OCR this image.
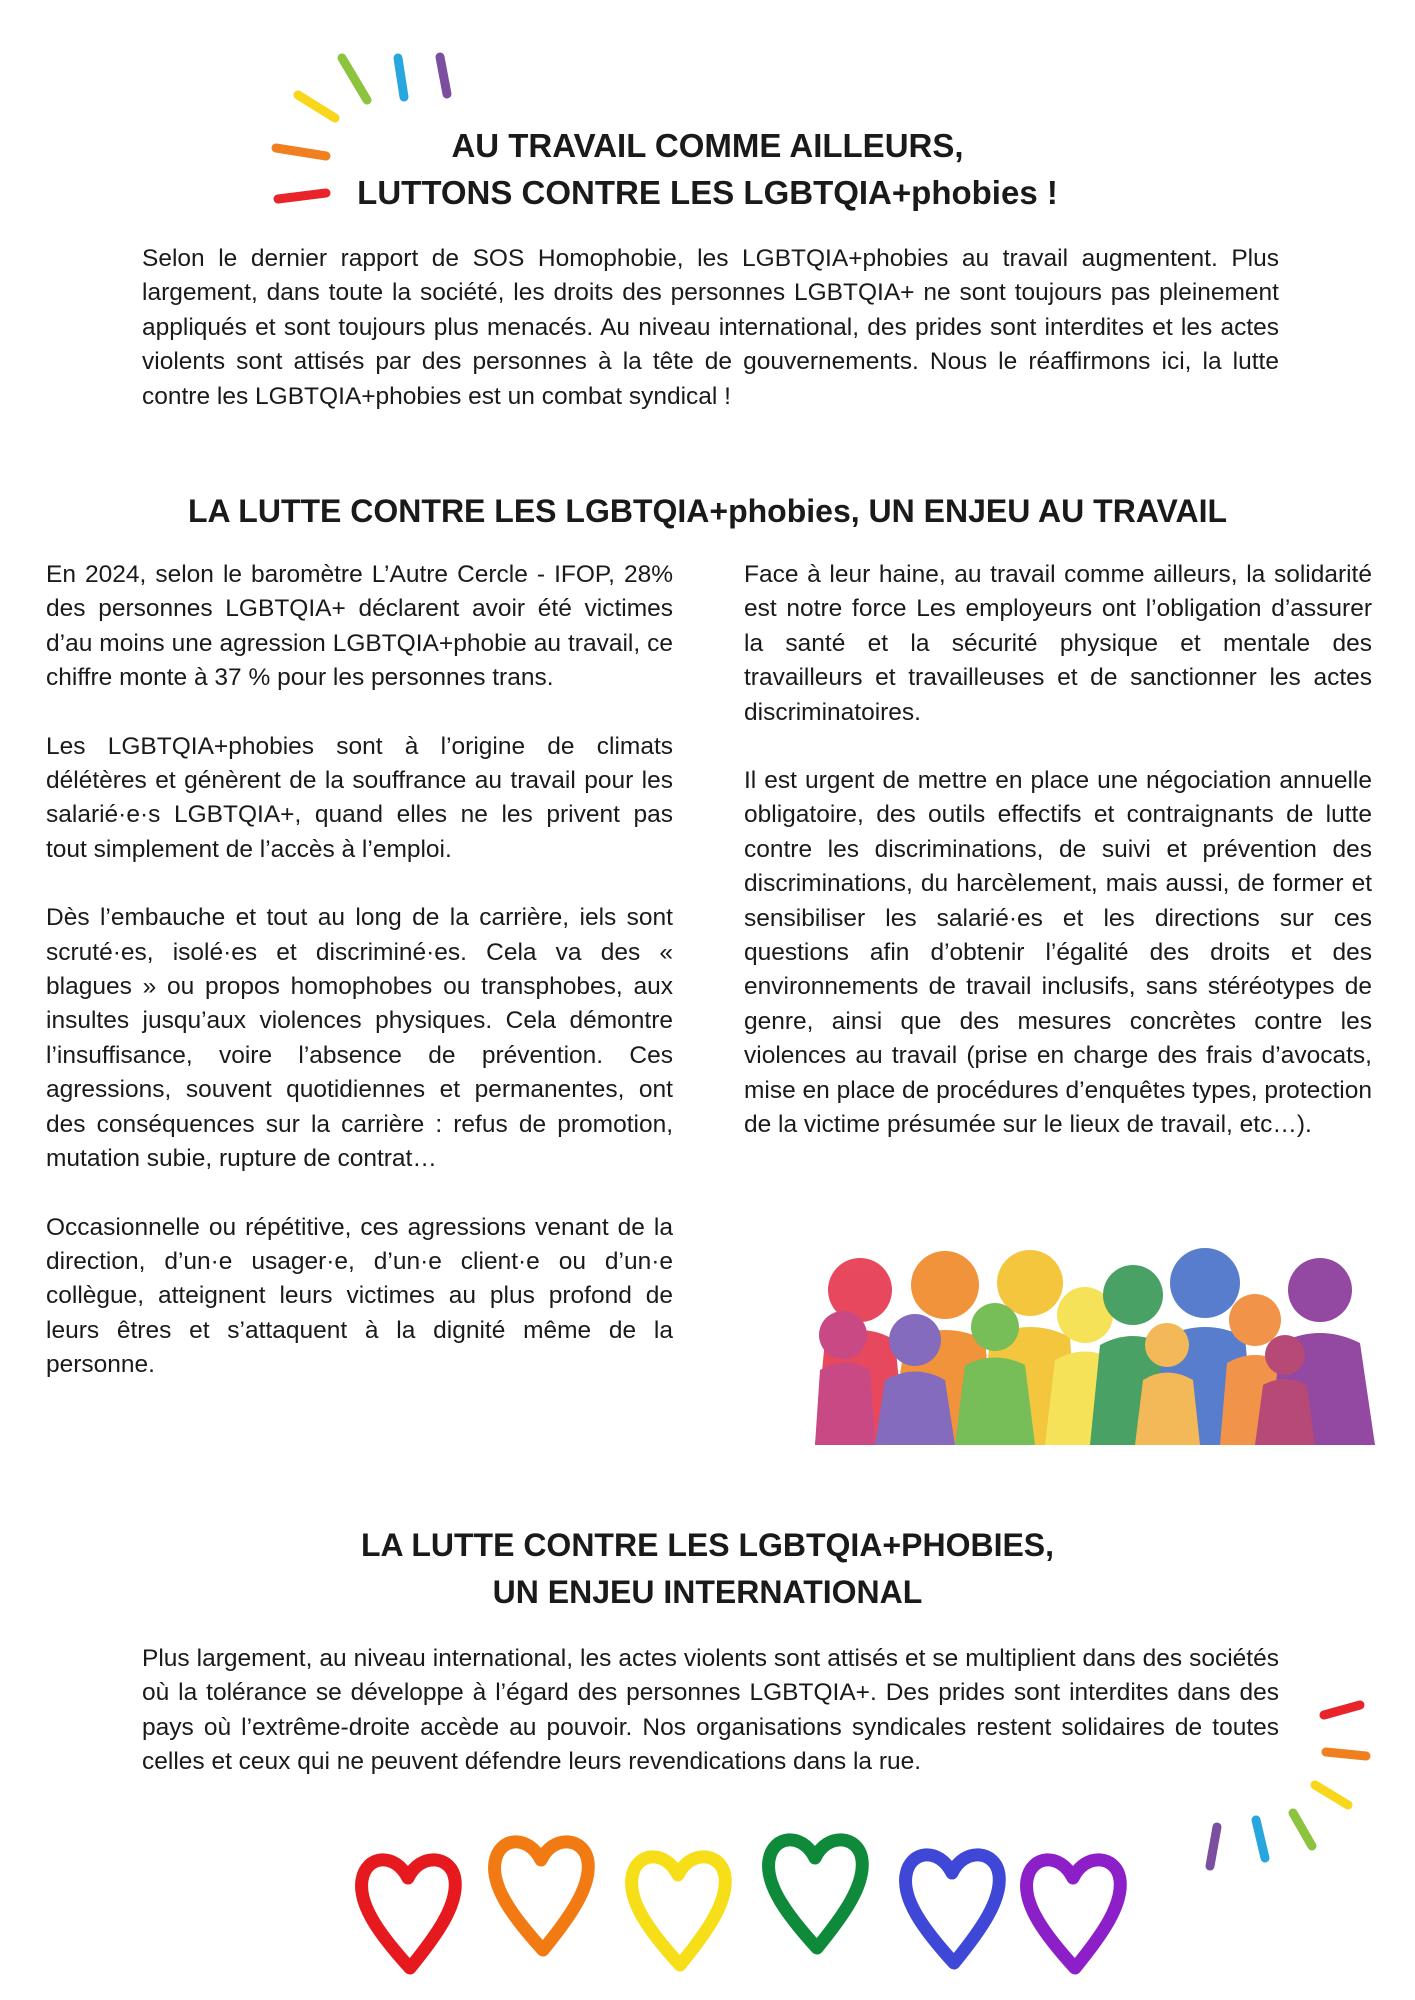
AU TRAVAIL COMME AILLEURS,
LUTTONS CONTRE LES LGBTQIA+phobies !

Selon le dernier rapport de SOS Homophobie, les LGBTQIA+phobies au travail augmentent. Plus largement, dans toute la société, les droits des personnes LGBTQIA+ ne sont toujours pas pleinement appliqués et sont toujours plus menacés. Au niveau international, des prides sont interdites et les actes violents sont attisés par des personnes à la tête de gouvernements. Nous le réaffirmons ici, la lutte contre les LGBTQIA+phobies est un combat syndical !

LA LUTTE CONTRE LES LGBTQIA+phobies, UN ENJEU AU TRAVAIL

En 2024, selon le baromètre L’Autre Cercle - IFOP, 28% des personnes LGBTQIA+ déclarent avoir été victimes d’au moins une agression LGBTQIA+phobie au travail, ce chiffre monte à 37 % pour les personnes trans.

Les LGBTQIA+phobies sont à l’origine de climats délétères et génèrent de la souffrance au travail pour les salarié·e·s LGBTQIA+, quand elles ne les privent pas tout simplement de l’accès à l’emploi.

Dès l’embauche et tout au long de la carrière, iels sont scruté·es, isolé·es et discriminé·es. Cela va des « blagues » ou propos homophobes ou transphobes, aux insultes jusqu’aux violences physiques. Cela démontre l’insuffisance, voire l’absence de prévention. Ces agressions, souvent quotidiennes et permanentes, ont des conséquences sur la carrière : refus de promotion, mutation subie, rupture de contrat…

Occasionnelle ou répétitive, ces agressions venant de la direction, d’un·e usager·e, d’un·e client·e ou d’un·e collègue, atteignent leurs victimes au plus profond de leurs êtres et s’attaquent à la dignité même de la personne.

Face à leur haine, au travail comme ailleurs, la solidarité est notre force Les employeurs ont l’obligation d’assurer la santé et la sécurité physique et mentale des travailleurs et travailleuses et de sanctionner les actes discriminatoires.

Il est urgent de mettre en place une négociation annuelle obligatoire, des outils effectifs et contraignants de lutte contre les discriminations, de suivi et prévention des discriminations, du harcèlement, mais aussi, de former et sensibiliser les salarié·es et les directions sur ces questions afin d’obtenir l’égalité des droits et des environnements de travail inclusifs, sans stéréotypes de genre, ainsi que des mesures concrètes contre les violences au travail (prise en charge des frais d’avocats, mise en place de procédures d’enquêtes types, protection de la victime présumée sur le lieux de travail, etc…).

LA LUTTE CONTRE LES LGBTQIA+PHOBIES,
UN ENJEU INTERNATIONAL

Plus largement, au niveau international, les actes violents sont attisés et se multiplient dans des sociétés où la tolérance se développe à l’égard des personnes LGBTQIA+. Des prides sont interdites dans des pays où l’extrême-droite accède au pouvoir. Nos organisations syndicales restent solidaires de toutes celles et ceux qui ne peuvent défendre leurs revendications dans la rue.
